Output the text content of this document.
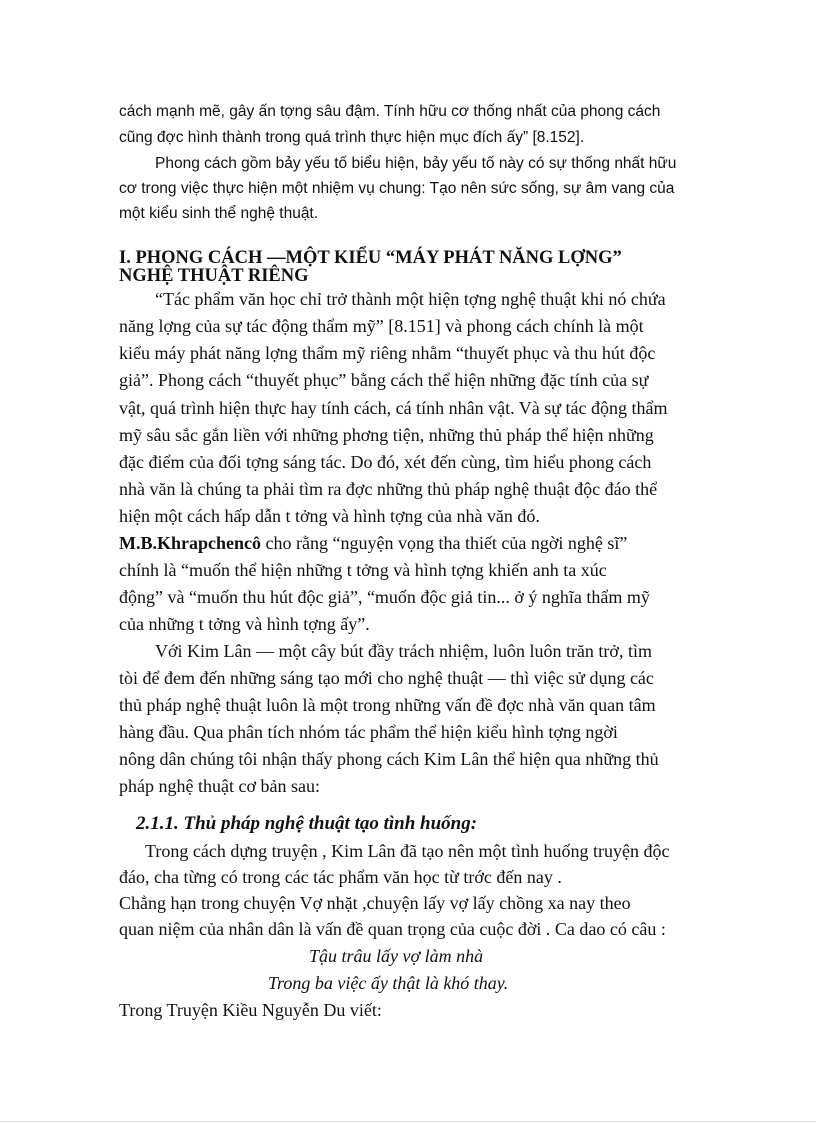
cách mạnh mẽ, gây ấn tợng sâu đậm. Tính hữu cơ thống nhất của phong cách
cũng đợc hình thành trong quá trình thực hiện mục đích ấy” [8.152].
Phong cách gồm bảy yếu tố biểu hiện, bảy yếu tố này có sự thống nhất hữu
cơ trong việc thực hiện một nhiệm vụ chung: Tạo nên sức sống, sự âm vang của
một kiểu sinh thể nghệ thuật.
I. PHONG CÁCH —MỘT KIỂU “MÁY PHÁT NĂNG LỢNG”
NGHỆ THUẬT RIÊNG
“Tác phẩm văn học chỉ trở thành một hiện tợng nghệ thuật khi nó chứa
năng lợng của sự tác động thẩm mỹ” [8.151] và phong cách chính là một
kiểu máy phát năng lợng thẩm mỹ riêng nhằm “thuyết phục và thu hút độc
giả”. Phong cách “thuyết phục” bằng cách thể hiện những đặc tính của sự
vật, quá trình hiện thực hay tính cách, cá tính nhân vật. Và sự tác động thẩm
mỹ sâu sắc gắn liền với những phơng tiện, những thủ pháp thể hiện những
đặc điểm của đối tợng sáng tác. Do đó, xét đến cùng, tìm hiểu phong cách
nhà văn là chúng ta phải tìm ra đợc những thủ pháp nghệ thuật độc đáo thể
hiện một cách hấp dẫn t tởng và hình tợng của nhà văn đó.
M.B.Khrapchencô cho rằng “nguyện vọng tha thiết của ngời nghệ sĩ”
chính là “muốn thể hiện những t tởng và hình tợng khiến anh ta xúc
động” và “muốn thu hút độc giả”, “muốn độc giả tin... ở ý nghĩa thẩm mỹ
của những t tởng và hình tợng ấy”.
Với Kim Lân — một cây bút đầy trách nhiệm, luôn luôn trăn trở, tìm
tòi để đem đến những sáng tạo mới cho nghệ thuật — thì việc sử dụng các
thủ pháp nghệ thuật luôn là một trong những vấn đề đợc nhà văn quan tâm
hàng đầu. Qua phân tích nhóm tác phẩm thể hiện kiểu hình tợng ngời
nông dân chúng tôi nhận thấy phong cách Kim Lân thể hiện qua những thủ
pháp nghệ thuật cơ bản sau:
2.1.1. Thủ pháp nghệ thuật tạo tình huống:
Trong cách dựng truyện , Kim Lân đã tạo nên một tình huống truyện độc
đáo, cha từng có trong các tác phẩm văn học từ trớc đến nay .
Chẳng hạn trong chuyện Vợ nhặt ,chuyện lấy vợ lấy chồng xa nay theo
quan niệm của nhân dân là vấn đề quan trọng của cuộc đời . Ca dao có câu :
Tậu trâu lấy vợ làm nhà
Trong ba việc ấy thật là khó thay.
Trong Truyện Kiều Nguyễn Du viết:
